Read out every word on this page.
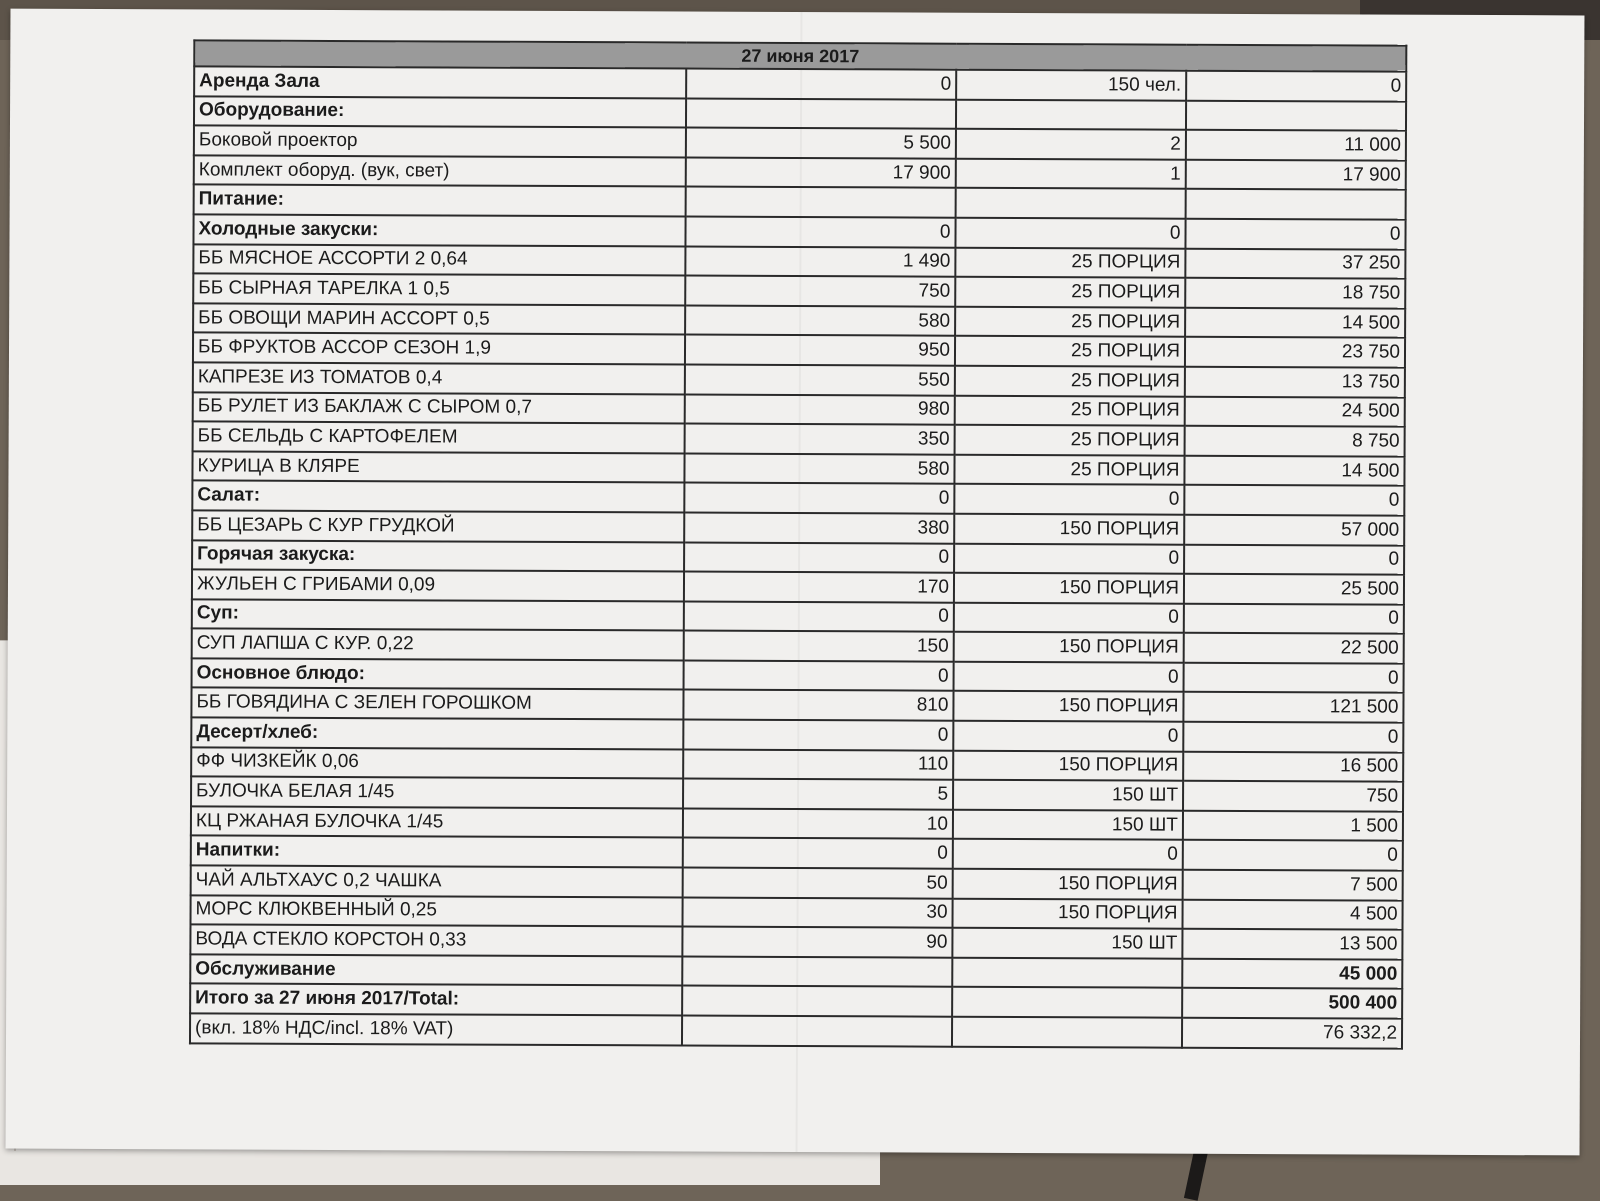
27 июня 2017			
Аренда Зала	0	150 чел.	0
Оборудование:			
Боковой проектор	5 500	2	11 000
Комплект оборуд. (вук, свет)	17 900	1	17 900
Питание:			
Холодные закуски:	0	0	0
ББ МЯСНОЕ АССОРТИ 2 0,64	1 490	25 ПОРЦИЯ	37 250
ББ СЫРНАЯ ТАРЕЛКА 1 0,5	750	25 ПОРЦИЯ	18 750
ББ ОВОЩИ МАРИН АССОРТ 0,5	580	25 ПОРЦИЯ	14 500
ББ ФРУКТОВ АССОР СЕЗОН 1,9	950	25 ПОРЦИЯ	23 750
КАПРЕЗЕ ИЗ ТОМАТОВ 0,4	550	25 ПОРЦИЯ	13 750
ББ РУЛЕТ ИЗ БАКЛАЖ С СЫРОМ 0,7	980	25 ПОРЦИЯ	24 500
ББ СЕЛЬДЬ С КАРТОФЕЛЕМ	350	25 ПОРЦИЯ	8 750
КУРИЦА В КЛЯРЕ	580	25 ПОРЦИЯ	14 500
Салат:	0	0	0
ББ ЦЕЗАРЬ С КУР ГРУДКОЙ	380	150 ПОРЦИЯ	57 000
Горячая закуска:	0	0	0
ЖУЛЬЕН С ГРИБАМИ 0,09	170	150 ПОРЦИЯ	25 500
Суп:	0	0	0
СУП ЛАПША С КУР. 0,22	150	150 ПОРЦИЯ	22 500
Основное блюдо:	0	0	0
ББ ГОВЯДИНА С ЗЕЛЕН ГОРОШКОМ	810	150 ПОРЦИЯ	121 500
Десерт/хлеб:	0	0	0
ФФ ЧИЗКЕЙК 0,06	110	150 ПОРЦИЯ	16 500
БУЛОЧКА БЕЛАЯ 1/45	5	150 ШТ	750
КЦ РЖАНАЯ БУЛОЧКА 1/45	10	150 ШТ	1 500
Напитки:	0	0	0
ЧАЙ АЛЬТХАУС 0,2 ЧАШКА	50	150 ПОРЦИЯ	7 500
МОРС КЛЮКВЕННЫЙ 0,25	30	150 ПОРЦИЯ	4 500
ВОДА СТЕКЛО КОРСТОН 0,33	90	150 ШТ	13 500
Обслуживание			45 000
Итого за 27 июня 2017/Total:			500 400
(вкл. 18% НДС/incl. 18% VAT)			76 332,2
